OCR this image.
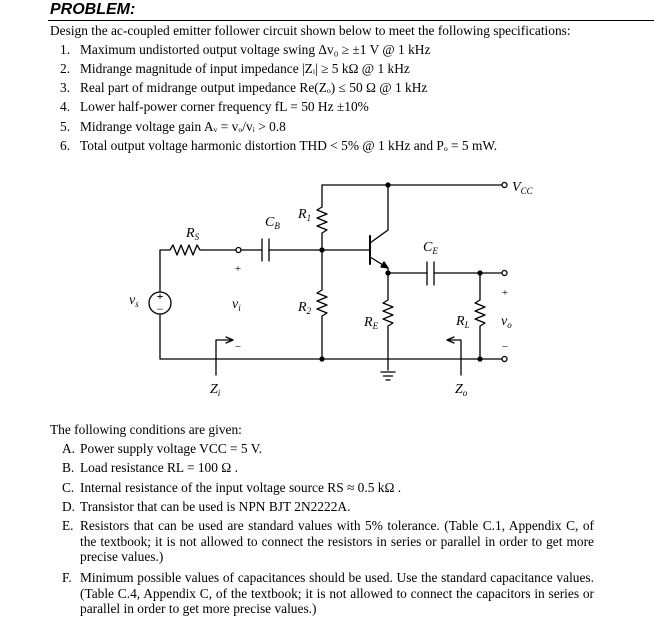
PROBLEM:
Design the ac-coupled emitter follower circuit shown below to meet the following specifications:
1. Maximum undistorted output voltage swing Δv₀ ≥ ±1 V @ 1 kHz
2. Midrange magnitude of input impedance |Zᵢ| ≥ 5 kΩ @ 1 kHz
3. Real part of midrange output impedance Re(Zₒ) ≤ 50 Ω @ 1 kHz
4. Lower half-power corner frequency fL = 50 Hz ±10%
5. Midrange voltage gain Aᵥ = vₒ/vᵢ > 0.8
6. Total output voltage harmonic distortion THD < 5% @ 1 kHz and Pₒ = 5 mW.
+
−
$V_{CC}$
$R_S$
$C_B$
$R_1$
$R_2$
$R_E$
$C_E$
$R_L$
$v_s$	$v_i$
$v_o$
$Z_i$	$Z_o$
+
−
+
−
The following conditions are given:
A. Power supply voltage VCC = 5 V.
B. Load resistance RL = 100 Ω .
C. Internal resistance of the input voltage source RS ≈ 0.5 kΩ .
D. Transistor that can be used is NPN BJT 2N2222A.
E. Resistors that can be used are standard values with 5% tolerance. (Table C.1, Appendix C, of the textbook; it is not allowed to connect the resistors in series or parallel in order to get more precise values.)
F. Minimum possible values of capacitances should be used. Use the standard capacitance values. (Table C.4, Appendix C, of the textbook; it is not allowed to connect the capacitors in series or parallel in order to get more precise values.)
